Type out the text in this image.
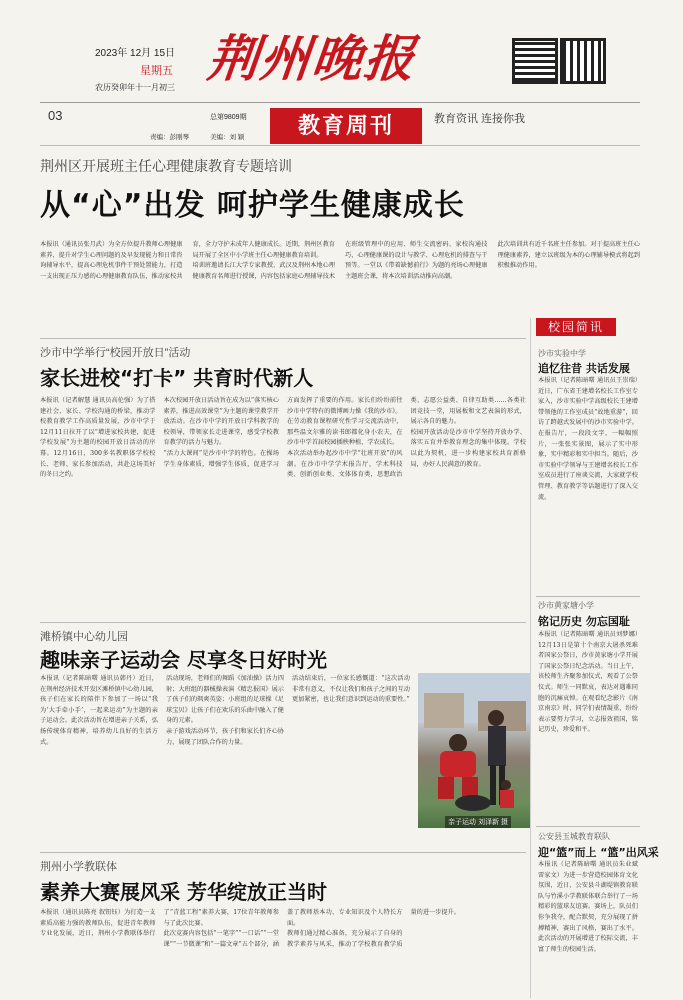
2023年 12月 15日
星期五
农历癸卯年十一月初三 荆州晚报
03	总第9809期
责编：彭刚琴	美编：刘 颖	教育周刊	教育资讯 连接你我
荆州区开展班主任心理健康教育专题培训
从“心”出发 呵护学生健康成长

本报讯（通讯员张月武）为全方位提升教师心理健康素养，提升对学生心理问题的及早发现能力和日常咨询辅导水平，提高心理危机事件干预处置能力，打造一支出现正压力感的心理健康教育队伍，推动家校共育，全力守护未成年人健康成长。近期，荆州区教育局开展了全区中小学班主任心理健康教育培训。

培训班邀请长江大学专家教授、武汉及荆州本地心理健康教育名师进行授课，内容包括家庭心理辅导技术在班级管理中的应用、师生交流密码、家校沟通技巧、心理健康课的设计与教学、心理危机的排查与干预等。一堂以《带着缺憾前行》为题的亮场心理健康主题班会课，将本次培训活动推向高潮。

此次培训共有近千名班主任参加。对于提高班主任心理健康素养，建立以班级为本的心理辅导模式将起到积极推动作用。

沙市中学举行“校园开放日”活动
家长进校“打卡” 共育时代新人

本报讯（记者解慧 通讯员高伦强）为了搭建社会、家长、学校沟通的桥梁，推动学校教育教学工作高质量发展，沙市中学于12月11日拉开了以“增进家校共建，促进学校发展”为主题的校园开放日活动的序幕。12月16日，300多名教职体学校校长、老师、家长参加活动，共赴这场美好的冬日之约。

本次校园开放日活动旨在成为以“落实核心素养，推进高效课堂”为主题的课堂教学开放活动。在沙市中学的开放日学科教学的校领导，带领家长走进课堂，感受学校教育教学的活力与魅力。

“活力大课间”是沙市中学的特色。在操场学生身体素质，增强学生体质，促进学习方面发挥了重要的作用。家长们纷纷前往沙市中学特有的微博画力操《我的沙市》。

在劳动教育课程研究性学习交流活动中，那些温文尔雅的读书郎都化身小农夫，在沙市中学首届校园插秧种植，学农成长。

本次活动举办起沙市中学“壮班开放”的风潮。在沙市中学学术报告厅，学术科技类、创新创业类、文体体育类，思想政治类、志愿公益类、自律互助类……各类社团竞技一堂，用展板和文艺表演的形式，展示各自的魅力。

校园开放活动是沙市中学坚持开放办学、落实五育并举教育理念的集中体现。学校以此为契机，进一步构建家校共育新格局，办好人民满意的教育。

滩桥镇中心幼儿园
趣味亲子运动会 尽享冬日好时光

本报讯（记者陈暗曙 通讯员韩丹）近日，在荆州经济技术开发区滩桥镇中心幼儿园，孩子们在家长的陪伴下参加了一场以“我为‘大手牵小手’，一起来运动”为主题的亲子运动会。此次活动旨在增进亲子关系，弘扬传统体育精神，培养幼儿良好的生活方式。

活动现场，老师们的舞蹈《加油操》活力四射；大班组的器械操表演《精忠报国》展示了孩子们的飒爽英姿；小班组的足球操《足球宝贝》让孩子们在欢乐的乐曲中融入了健身的元素。

亲子游戏活动环节，孩子们和家长们齐心协力，展现了团队合作的力量。

活动结束后，一位家长感慨道：“这次活动非常有意义，不仅让我们和孩子之间的互动更加紧密，也让我们意识到运动的重要性。”

亲子运动 刘泽新 摄
荆州小学教联体
素养大赛展风采 芳华绽放正当时

本报讯（通讯员陈亮 叙钮钰）为打造一支素质高能力强的教师队伍，促进青年教师专业化发展，近日，荆州小学教联体举行了“青蓝工程”素养大赛，17位青年教师参与了此次比赛。

此次竞赛内容包括“一笔字”“一口话”“一堂课”“一节微课”和“一篇文章”五个部分，涵盖了教师基本功、专业知识及个人特长方面。

教师们通过精心准备，充分展示了自身的教学素养与风采，推动了学校教育教学质量的进一步提升。

校园简讯
沙市实验中学
追忆往昔 共话发展
本报讯（记者陈暗曙 通讯员王崇瑞）近日，广东省王建增名校长工作室专家入，沙市实验中学高级校长王建增带领他的工作室成员“故地重游”，回访了跨越式发展中的沙市实验中学。在报告厅，一段段文字，一幅幅照片，一张张实景图，展示了实中形象，实中精彩和实中担当。随后，沙市实验中学领导与王建增名校长工作室成员进行了座谈交流，大家就学校管理、教育教学等话题进行了深入交流。
沙市黄家塘小学
铭记历史 勿忘国耻
本报讯（记者陈暗曙 通讯员刘梦娜）12月13日是第十个南京大屠杀死难者国家公祭日，沙市黄家塘小学开展了国家公祭日纪念活动。当日上午，该校师生齐聚参加仪式，观看了公祭仪式。师生一同默哀，表达对遇难同胞的沉痛哀悼。在观看纪念影片《南京南京》时，同学们表情凝重，纷纷表示要努力学习，立志报效祖国，铭记历史，珍爱和平。
公安县玉城教育联队
迎“篮”而上 “篮”出风采
本报讯（记者陈暗曙 通讯员朱业斌 雷家文）为进一步营造校园体育文化氛围，近日，公安县斗湖堤镇教育联队与竹溪小学教联体联合举行了一场精彩的篮球友谊赛。赛场上，队员们你争我夺，配合默契，充分展现了拼搏精神，赛出了风格，赛出了水平。此次活动的开展增进了校际交流，丰富了师生的校园生活。
